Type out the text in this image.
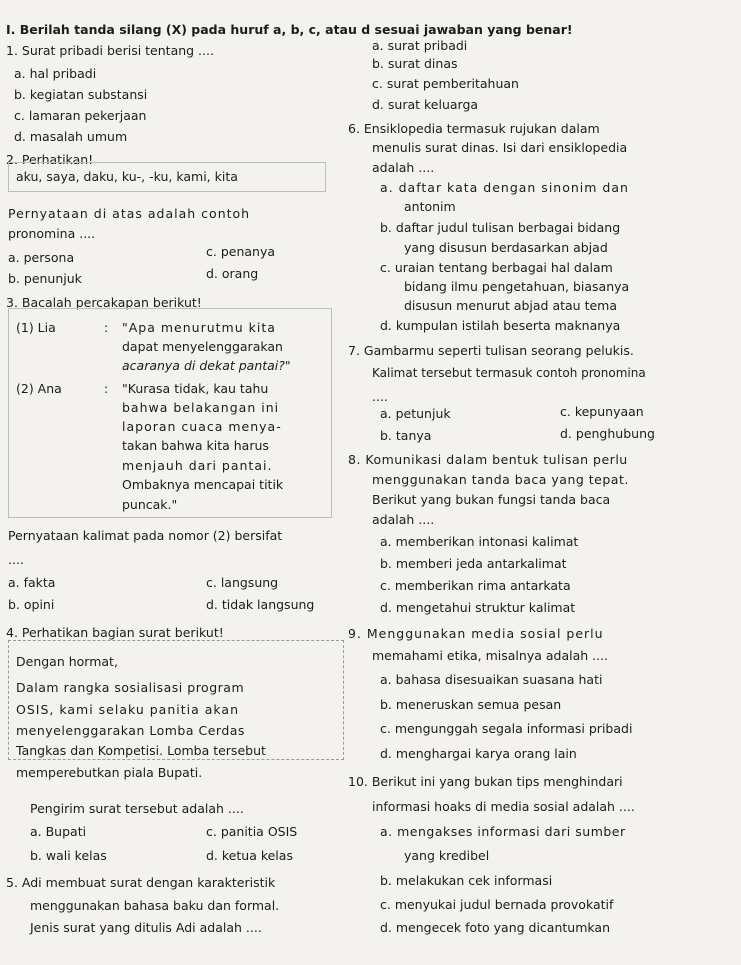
I. Berilah tanda silang (X) pada huruf a, b, c, atau d sesuai jawaban yang benar!
1. Surat pribadi berisi tentang ....
a. hal pribadi
b. kegiatan substansi
c. lamaran pekerjaan
d. masalah umum
2. Perhatikan!
aku, saya, daku, ku-, -ku, kami, kita
Pernyataan di atas adalah contoh
pronomina ....
a. persona
b. penunjuk
c. penanya
d. orang
3. Bacalah percakapan berikut!
(1) Lia	: "Apa menurutmu kita
dapat menyelenggarakan
acaranya di dekat pantai?"
(2) Ana	: "Kurasa tidak, kau tahu
bahwa belakangan ini
laporan cuaca menya-
takan bahwa kita harus
menjauh dari pantai.
Ombaknya mencapai titik
puncak."
Pernyataan kalimat pada nomor (2) bersifat
....
a. fakta
b. opini
c. langsung
d. tidak langsung
4. Perhatikan bagian surat berikut!
Dengan hormat,
Dalam rangka sosialisasi program
OSIS, kami selaku panitia akan
menyelenggarakan Lomba Cerdas
Tangkas dan Kompetisi. Lomba tersebut
memperebutkan piala Bupati.
Pengirim surat tersebut adalah ....
a. Bupati
b. wali kelas
c. panitia OSIS
d. ketua kelas
5. Adi membuat surat dengan karakteristik
menggunakan bahasa baku dan formal.
Jenis surat yang ditulis Adi adalah ....
a. surat pribadi
b. surat dinas
c. surat pemberitahuan
d. surat keluarga
6. Ensiklopedia termasuk rujukan dalam
menulis surat dinas. Isi dari ensiklopedia
adalah ....
a. daftar kata dengan sinonim dan
antonim
b. daftar judul tulisan berbagai bidang
yang disusun berdasarkan abjad
c. uraian tentang berbagai hal dalam
bidang ilmu pengetahuan, biasanya
disusun menurut abjad atau tema
d. kumpulan istilah beserta maknanya
7. Gambarmu seperti tulisan seorang pelukis.
Kalimat tersebut termasuk contoh pronomina
....
a. petunjuk
b. tanya
c. kepunyaan
d. penghubung
8. Komunikasi dalam bentuk tulisan perlu
menggunakan tanda baca yang tepat.
Berikut yang bukan fungsi tanda baca
adalah ....
a. memberikan intonasi kalimat
b. memberi jeda antarkalimat
c. memberikan rima antarkata
d. mengetahui struktur kalimat
9. Menggunakan media sosial perlu
memahami etika, misalnya adalah ....
a. bahasa disesuaikan suasana hati
b. meneruskan semua pesan
c. mengunggah segala informasi pribadi
d. menghargai karya orang lain
10. Berikut ini yang bukan tips menghindari
informasi hoaks di media sosial adalah ....
a. mengakses informasi dari sumber
yang kredibel
b. melakukan cek informasi
c. menyukai judul bernada provokatif
d. mengecek foto yang dicantumkan
